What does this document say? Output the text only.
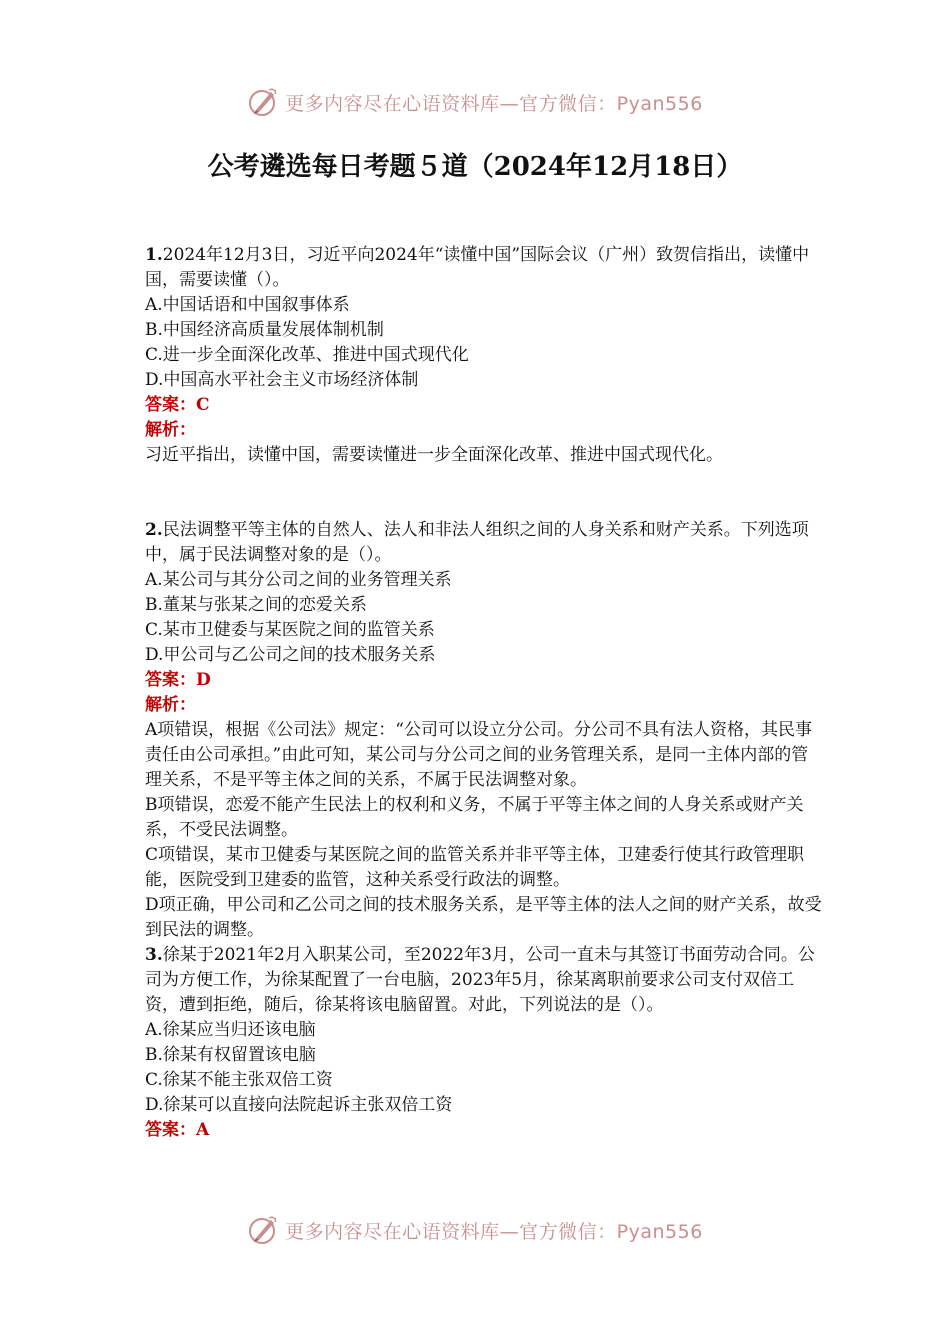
更多内容尽在心语资料库—官方微信：Pyan556
公考遴选每日考题５道（2024年12月18日）

1.2024年12月3日，习近平向2024年“读懂中国”国际会议（广州）致贺信指出，读懂中国，需要读懂（）。

A.中国话语和中国叙事体系

B.中国经济高质量发展体制机制

C.进一步全面深化改革、推进中国式现代化

D.中国高水平社会主义市场经济体制

答案：C

解析：

习近平指出，读懂中国，需要读懂进一步全面深化改革、推进中国式现代化。

2.民法调整平等主体的自然人、法人和非法人组织之间的人身关系和财产关系。下列选项中，属于民法调整对象的是（）。

A.某公司与其分公司之间的业务管理关系

B.董某与张某之间的恋爱关系

C.某市卫健委与某医院之间的监管关系

D.甲公司与乙公司之间的技术服务关系

答案：D

解析：

A项错误，根据《公司法》规定：“公司可以设立分公司。分公司不具有法人资格，其民事责任由公司承担。”由此可知，某公司与分公司之间的业务管理关系，是同一主体内部的管理关系，不是平等主体之间的关系，不属于民法调整对象。

B项错误，恋爱不能产生民法上的权利和义务，不属于平等主体之间的人身关系或财产关系，不受民法调整。

C项错误，某市卫健委与某医院之间的监管关系并非平等主体，卫建委行使其行政管理职能，医院受到卫建委的监管，这种关系受行政法的调整。

D项正确，甲公司和乙公司之间的技术服务关系，是平等主体的法人之间的财产关系，故受到民法的调整。

3.徐某于2021年2月入职某公司，至2022年3月，公司一直未与其签订书面劳动合同。公司为方便工作，为徐某配置了一台电脑，2023年5月，徐某离职前要求公司支付双倍工资，遭到拒绝，随后，徐某将该电脑留置。对此，下列说法的是（）。

A.徐某应当归还该电脑

B.徐某有权留置该电脑

C.徐某不能主张双倍工资

D.徐某可以直接向法院起诉主张双倍工资

答案：A

更多内容尽在心语资料库—官方微信：Pyan556
